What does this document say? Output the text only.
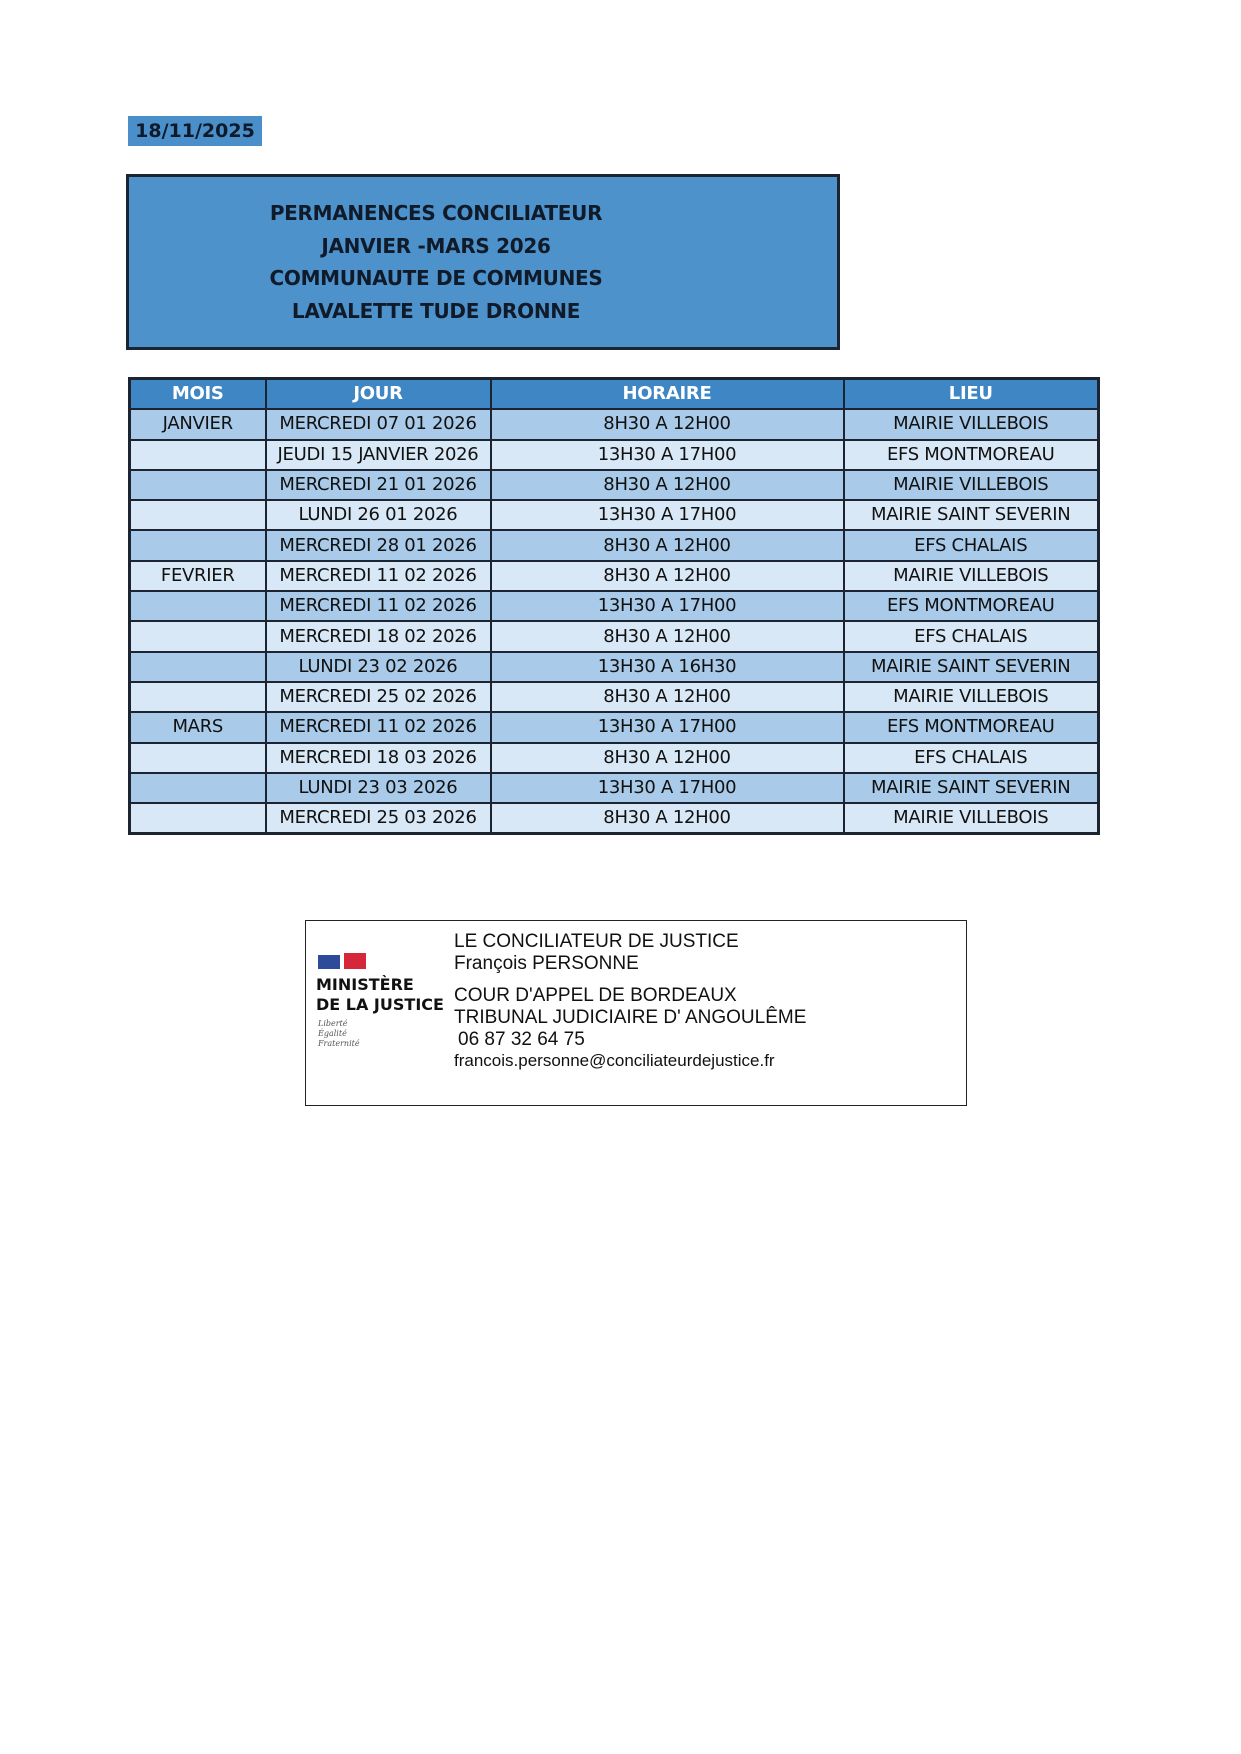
18/11/2025
PERMANENCES CONCILIATEUR
JANVIER -MARS 2026
COMMUNAUTE DE COMMUNES
LAVALETTE TUDE DRONNE
MOIS	JOUR	HORAIRE	LIEU
JANVIER	MERCREDI 07 01 2026	8H30 A 12H00	MAIRIE VILLEBOIS
	JEUDI 15 JANVIER 2026	13H30 A 17H00	EFS MONTMOREAU
	MERCREDI 21 01 2026	8H30 A 12H00	MAIRIE VILLEBOIS
	LUNDI 26 01 2026	13H30 A 17H00	MAIRIE SAINT SEVERIN
	MERCREDI 28 01 2026	8H30 A 12H00	EFS CHALAIS
FEVRIER	MERCREDI 11 02 2026	8H30 A 12H00	MAIRIE VILLEBOIS
	MERCREDI 11 02 2026	13H30 A 17H00	EFS MONTMOREAU
	MERCREDI 18 02 2026	8H30 A 12H00	EFS CHALAIS
	LUNDI 23 02 2026	13H30 A 16H30	MAIRIE SAINT SEVERIN
	MERCREDI 25 02 2026	8H30 A 12H00	MAIRIE VILLEBOIS
MARS	MERCREDI 11 02 2026	13H30 A 17H00	EFS MONTMOREAU
	MERCREDI 18 03 2026	8H30 A 12H00	EFS CHALAIS
	LUNDI 23 03 2026	13H30 A 17H00	MAIRIE SAINT SEVERIN
	MERCREDI 25 03 2026	8H30 A 12H00	MAIRIE VILLEBOIS
MINISTÈRE
DE LA JUSTICE
Liberté
Égalité
Fraternité
LE CONCILIATEUR DE JUSTICE
François PERSONNE
COUR D'APPEL DE BORDEAUX
TRIBUNAL JUDICIAIRE D' ANGOULÊME
06 87 32 64 75
francois.personne@conciliateurdejustice.fr
